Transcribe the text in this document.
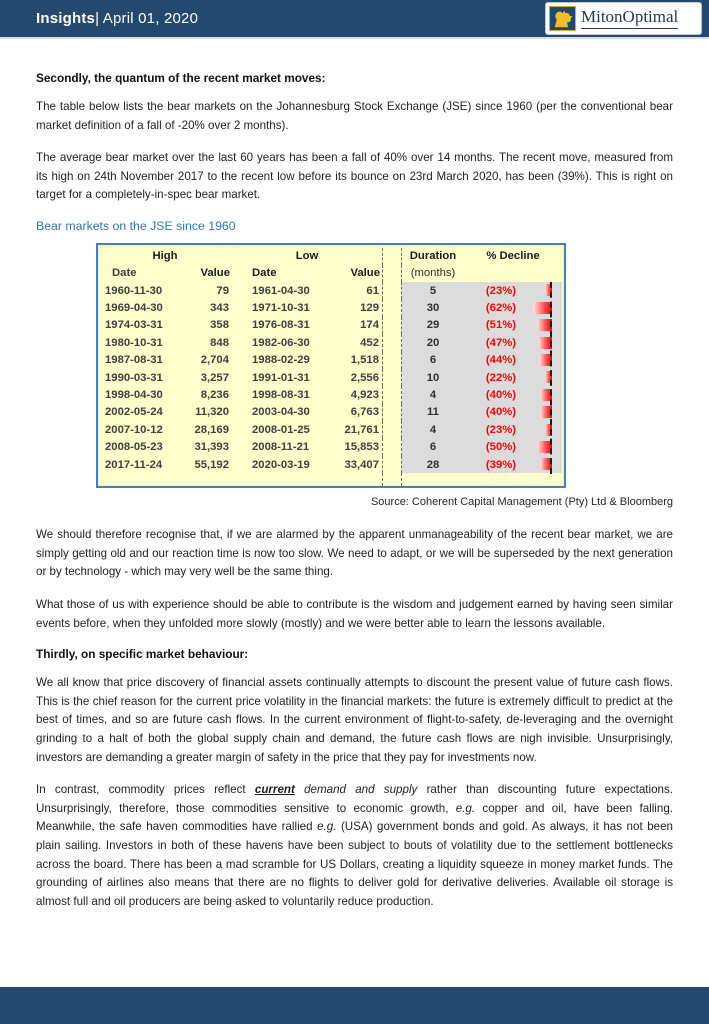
Insights| April 01, 2020	MitonOptimal
Secondly, the quantum of the recent market moves:

The table below lists the bear markets on the Johannesburg Stock Exchange (JSE) since 1960 (per the conventional bear market definition of a fall of -20% over 2 months).

The average bear market over the last 60 years has been a fall of 40% over 14 months. The recent move, measured from its high on 24th November 2017 to the recent low before its bounce on 23rd March 2020, has been (39%). This is right on target for a completely-in-spec bear market.

Bear markets on the JSE since 1960
High	Low	Duration	% Decline
Date	Value	Date	Value	(months)
1960-11-30	79	1961-04-30	61	5	(23%)
1969-04-30	343	1971-10-31	129	30	(62%)
1974-03-31	358	1976-08-31	174	29	(51%)
1980-10-31	848	1982-06-30	452	20	(47%)
1987-08-31	2,704	1988-02-29	1,518	6	(44%)
1990-03-31	3,257	1991-01-31	2,556	10	(22%)
1998-04-30	8,236	1998-08-31	4,923	4	(40%)
2002-05-24	11,320	2003-04-30	6,763	11	(40%)
2007-10-12	28,169	2008-01-25	21,761	4	(23%)
2008-05-23	31,393	2008-11-21	15,853	6	(50%)
2017-11-24	55,192	2020-03-19	33,407	28	(39%)
Source: Coherent Capital Management (Pty) Ltd & Bloomberg

We should therefore recognise that, if we are alarmed by the apparent unmanageability of the recent bear market, we are simply getting old and our reaction time is now too slow. We need to adapt, or we will be superseded by the next generation or by technology - which may very well be the same thing.

What those of us with experience should be able to contribute is the wisdom and judgement earned by having seen similar events before, when they unfolded more slowly (mostly) and we were better able to learn the lessons available.

Thirdly, on specific market behaviour:

We all know that price discovery of financial assets continually attempts to discount the present value of future cash flows. This is the chief reason for the current price volatility in the financial markets: the future is extremely difficult to predict at the best of times, and so are future cash flows. In the current environment of flight-to-safety, de-leveraging and the overnight grinding to a halt of both the global supply chain and demand, the future cash flows are nigh invisible. Unsurprisingly, investors are demanding a greater margin of safety in the price that they pay for investments now.

In contrast, commodity prices reflect current demand and supply rather than discounting future expectations. Unsurprisingly, therefore, those commodities sensitive to economic growth, e.g. copper and oil, have been falling. Meanwhile, the safe haven commodities have rallied e.g. (USA) government bonds and gold. As always, it has not been plain sailing. Investors in both of these havens have been subject to bouts of volatility due to the settlement bottlenecks across the board. There has been a mad scramble for US Dollars, creating a liquidity squeeze in money market funds. The grounding of airlines also means that there are no flights to deliver gold for derivative deliveries. Available oil storage is almost full and oil producers are being asked to voluntarily reduce production.
